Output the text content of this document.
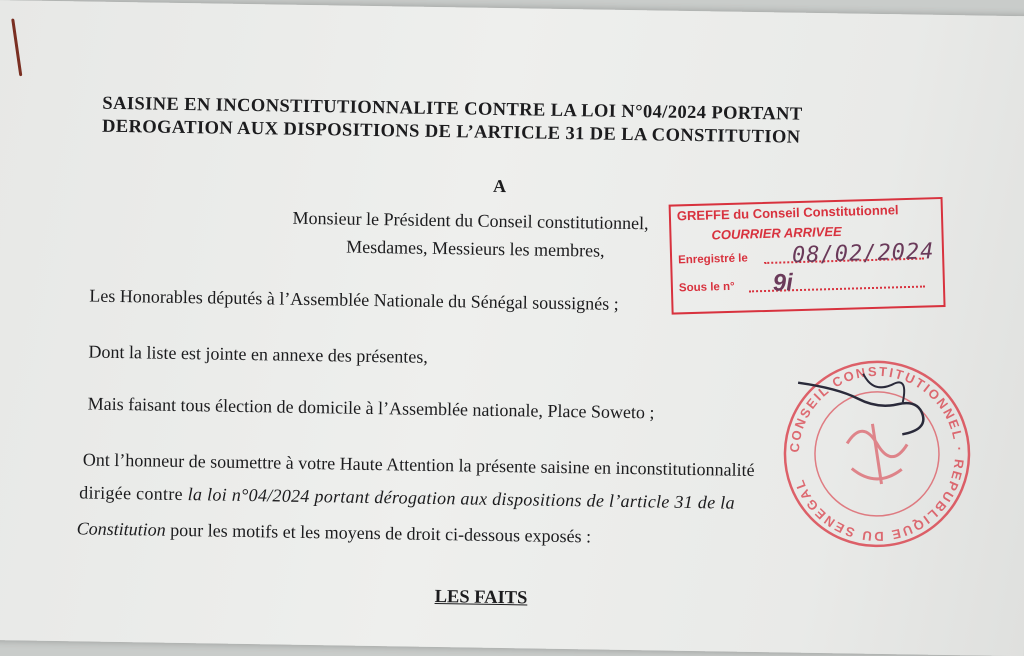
SAISINE EN INCONSTITUTIONNALITE CONTRE LA LOI N°04/2024 PORTANT
DEROGATION AUX DISPOSITIONS DE L’ARTICLE 31 DE LA CONSTITUTION
A
Monsieur le Président du Conseil constitutionnel,
Mesdames, Messieurs les membres,
Les Honorables députés à l’Assemblée Nationale du Sénégal soussignés ;
Dont la liste est jointe en annexe des présentes,
Mais faisant tous élection de domicile à l’Assemblée nationale, Place Soweto ;
Ont l’honneur de soumettre à votre Haute Attention la présente saisine en inconstitutionnalité
dirigée contre la loi n°04/2024 portant dérogation aux dispositions de l’article 31 de la
Constitution pour les motifs et les moyens de droit ci-dessous exposés :
LES FAITS
GREFFE du Conseil Constitutionnel
COURRIER ARRIVEE
Enregistré le 08/02/2024
Sous le n° 9i
CONSEIL CONSTITUTIONNEL · REPUBLIQUE DU SENEGAL
